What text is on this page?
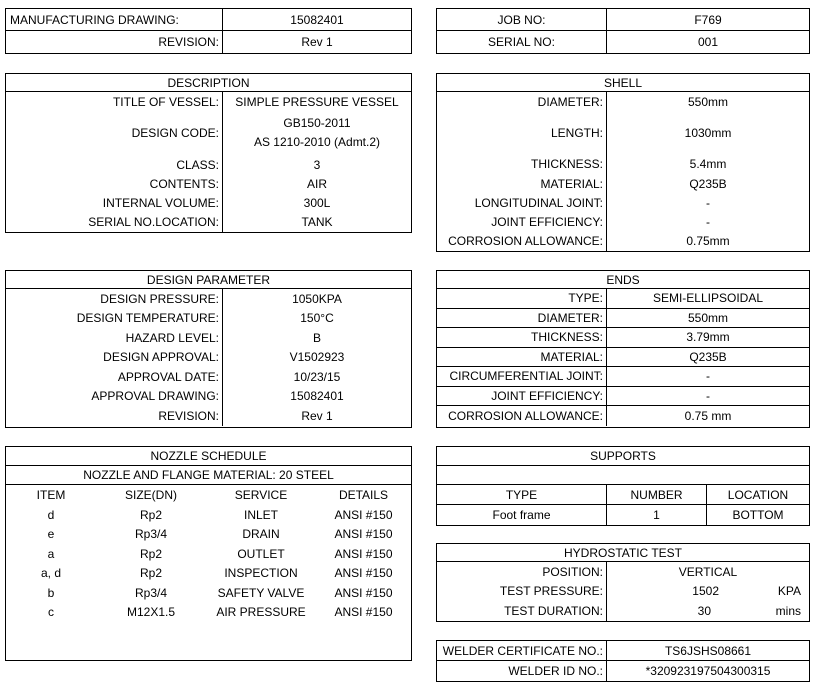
MANUFACTURING DRAWING:	15082401
REVISION:	Rev 1
JOB NO:	F769
SERIAL NO:	001
DESCRIPTION
TITLE OF VESSEL:	SIMPLE PRESSURE VESSEL
DESIGN CODE:
GB150-2011
AS 1210-2010 (Admt.2)
CLASS:	3
CONTENTS:	AIR
INTERNAL VOLUME:	300L
SERIAL NO.LOCATION:	TANK
SHELL
DIAMETER:	550mm
LENGTH:	1030mm
THICKNESS:	5.4mm
MATERIAL:	Q235B
LONGITUDINAL JOINT:	-
JOINT EFFICIENCY:	-
CORROSION ALLOWANCE:	0.75mm
DESIGN PARAMETER
DESIGN PRESSURE:	1050KPA
DESIGN TEMPERATURE:	150°C
HAZARD LEVEL:	B
DESIGN APPROVAL:	V1502923
APPROVAL DATE:	10/23/15
APPROVAL DRAWING:	15082401
REVISION:	Rev 1
ENDS
TYPE:	SEMI-ELLIPSOIDAL
DIAMETER:	550mm
THICKNESS:	3.79mm
MATERIAL:	Q235B
CIRCUMFERENTIAL JOINT:	-
JOINT EFFICIENCY:	-
CORROSION ALLOWANCE:	0.75 mm
NOZZLE SCHEDULE
NOZZLE AND FLANGE MATERIAL: 20 STEEL
ITEM	SIZE(DN)	SERVICE	DETAILS
d	Rp2	INLET	ANSI #150
e	Rp3/4	DRAIN	ANSI #150
a	Rp2	OUTLET	ANSI #150
a, d	Rp2	INSPECTION	ANSI #150
b	Rp3/4	SAFETY VALVE	ANSI #150
c	M12X1.5	AIR PRESSURE	ANSI #150
SUPPORTS
TYPE	NUMBER	LOCATION
Foot frame	1	BOTTOM
HYDROSTATIC TEST
POSITION:	VERTICAL
TEST PRESSURE:	1502	KPA
TEST DURATION:	30	mins
WELDER CERTIFICATE NO.:	TS6JSHS08661
WELDER ID NO.:	*320923197504300315
